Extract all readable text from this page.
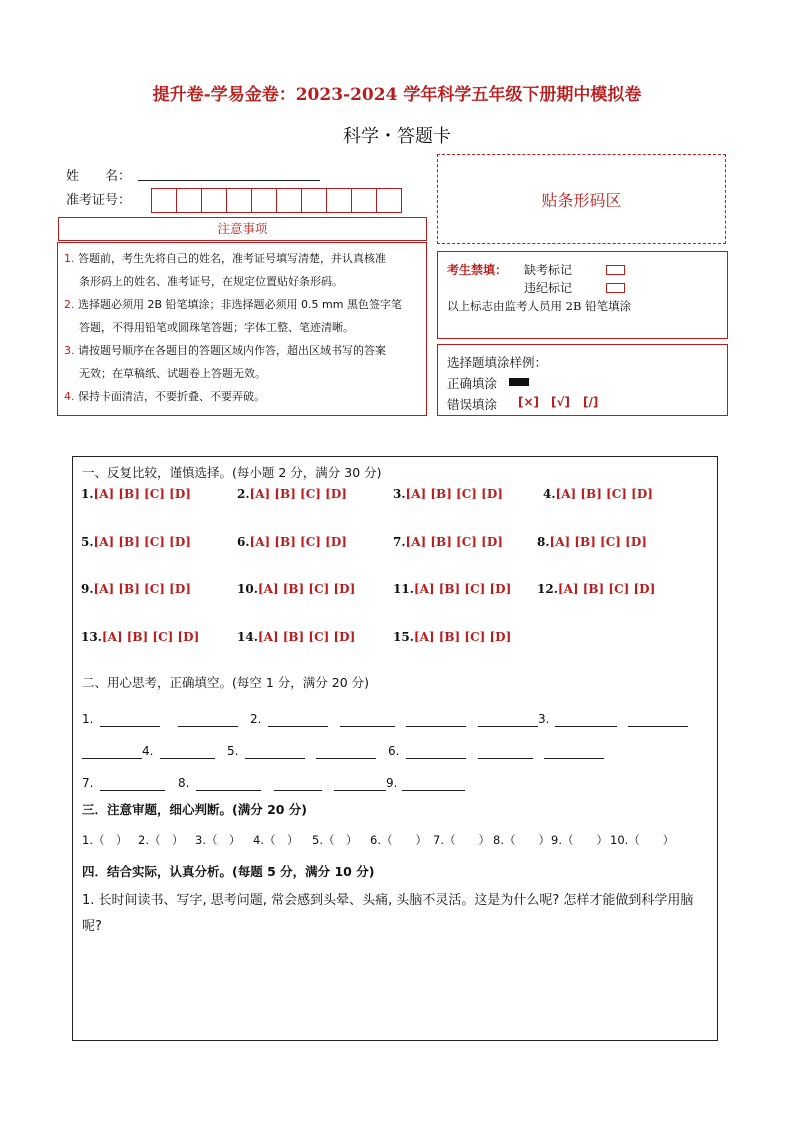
提升卷-学易金卷：2023-2024 学年科学五年级下册期中模拟卷
科学・答题卡
姓　　名：
准考证号：	贴条形码区
注意事项
1. 答题前，考生先将自己的姓名，准考证号填写清楚，并认真核准
条形码上的姓名、准考证号，在规定位置贴好条形码。
2. 选择题必须用 2B 铅笔填涂；非选择题必须用 0.5 mm 黑色签字笔
答题，不得用铅笔或圆珠笔答题；字体工整、笔迹清晰。
3. 请按题号顺序在各题目的答题区域内作答，超出区域书写的答案
无效；在草稿纸、试题卷上答题无效。
4. 保持卡面清洁，不要折叠、不要弄破。
考生禁填： 缺考标记
违纪标记
以上标志由监考人员用 2B 铅笔填涂
选择题填涂样例：
正确填涂
错误填涂 [×] [√] [/]
一、反复比较，谨慎选择。(每小题 2 分，满分 30 分)
1.[A] [B] [C] [D]	2.[A] [B] [C] [D]	3.[A] [B] [C] [D]	4.[A] [B] [C] [D]
5.[A] [B] [C] [D]	6.[A] [B] [C] [D]	7.[A] [B] [C] [D]	8.[A] [B] [C] [D]
9.[A] [B] [C] [D]	10.[A] [B] [C] [D]	11.[A] [B] [C] [D] 12.[A] [B] [C] [D]
13.[A] [B] [C] [D]	14.[A] [B] [C] [D]	15.[A] [B] [C] [D]
二、用心思考，正确填空。(每空 1 分，满分 20 分)
1.	2.	3.
4.	5.	6.
7.	8.	9.
三．注意审题，细心判断。(满分 20 分)
1.（　） 2.（　） 3.（　） 4.（　） 5.（　） 6.（　　） 7.（　　） 8.（　　） 9.（　　） 10.（　　）
四．结合实际，认真分析。(每题 5 分，满分 10 分)
1. 长时间读书、写字, 思考问题, 常会感到头晕、头痛, 头脑不灵活。这是为什么呢? 怎样才能做到科学用脑呢?
